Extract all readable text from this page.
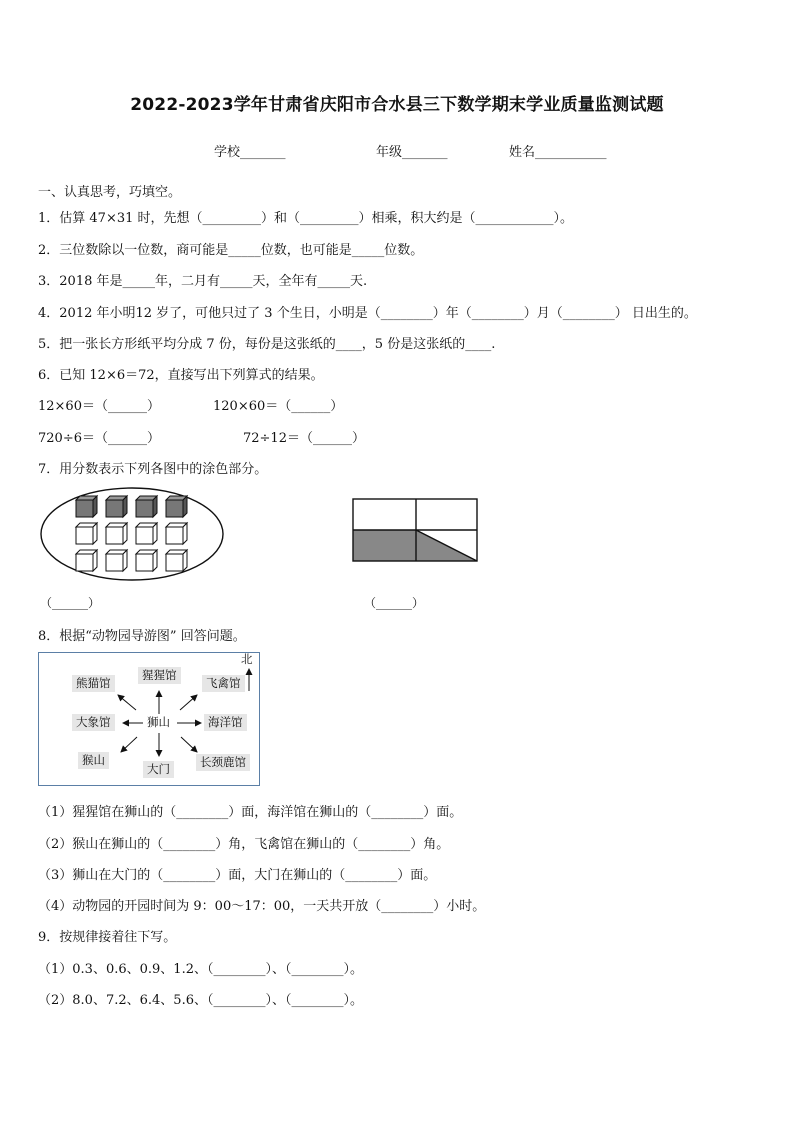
2022-2023学年甘肃省庆阳市合水县三下数学期末学业质量监测试题
学校_______	年级_______	姓名___________
一、认真思考，巧填空。
1．估算 47×31 时，先想（_________）和（_________）相乘，积大约是（____________）。
2．三位数除以一位数，商可能是_____位数，也可能是_____位数。
3．2018 年是_____年，二月有_____天，全年有_____天.
4．2012 年小明12 岁了，可他只过了 3 个生日，小明是（________）年（________）月（________） 日出生的。
5．把一张长方形纸平均分成 7 份，每份是这张纸的____，5 份是这张纸的____.
6．已知 12×6＝72，直接写出下列算式的结果。
12×60＝（______）	120×60＝（______）
720÷6＝（______）	72÷12＝（______）
7．用分数表示下列各图中的涂色部分。
（______）	（______）
8．根据“动物园导游图” 回答问题。
北
熊猫馆
猩猩馆
飞禽馆
大象馆	狮山	海洋馆
猴山
大门	长颈鹿馆
（1）猩猩馆在狮山的（________）面，海洋馆在狮山的（________）面。
（2）猴山在狮山的（________）角，飞禽馆在狮山的（________）角。
（3）狮山在大门的（________）面，大门在狮山的（________）面。
（4）动物园的开园时间为 9：00～17：00，一天共开放（________）小时。
9．按规律接着往下写。
（1）0.3、0.6、0.9、1.2、（________）、（________）。
（2）8.0、7.2、6.4、5.6、（________）、（________）。
